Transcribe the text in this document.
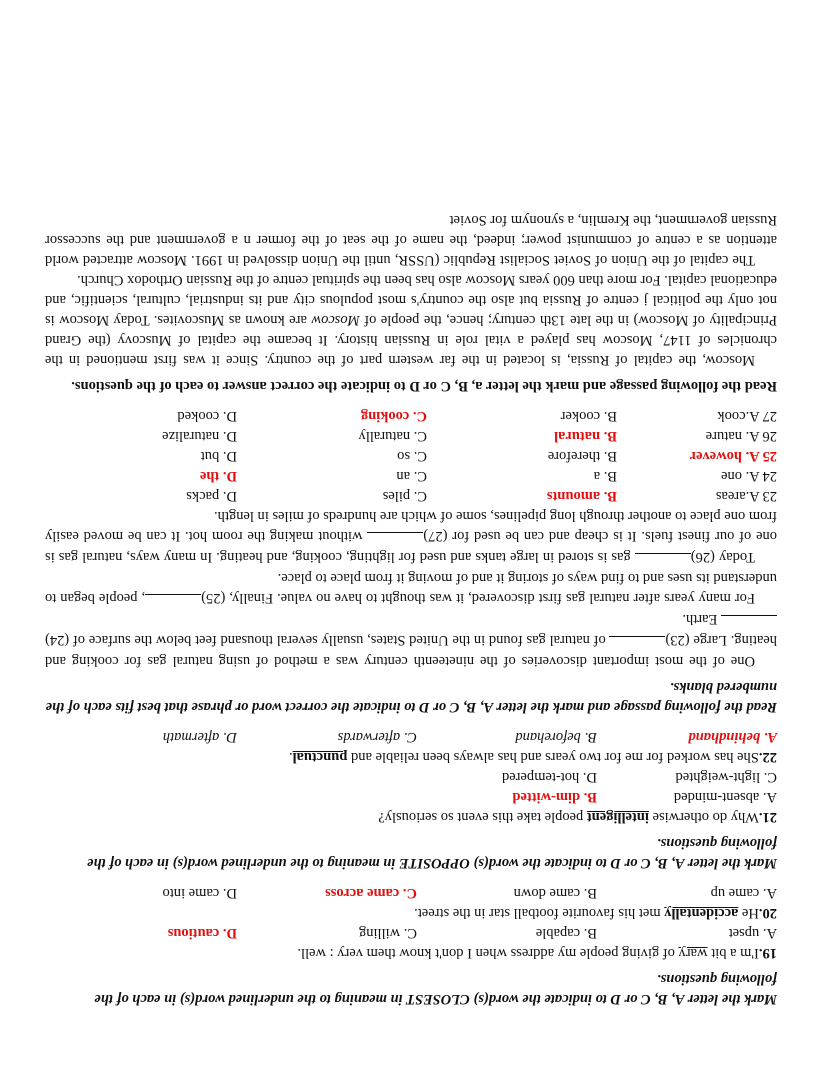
Mark the letter A, B, C or D to indicate the word(s) CLOSEST in meaning to the underlined word(s) in each of the following questions.

19.I'm a bit wary of giving people my address when I don't know them very : well.

A. upset
B. capable
C. willing
D. cautious

20.He accidentally met his favourite football star in the street.

A. came up
B. came down
C. came across
D. came into

Mark the letter A, B, C or D to indicate the word(s) OPPOSITE in meaning to the underlined word(s) in each of the following questions.

21.Why do otherwise intelligent people take this event so seriously?

A. absent-minded
B. dim-witted
C. light-weighted
D. hot-tempered

22.She has worked for me for two years and has always been reliable and punctual.

A. behindhand
B. beforehand
C. afterwards
D. aftermath

Read the following passage and mark the letter A, B, C or D to indicate the correct word or phrase that best fits each of the numbered blanks.

One of the most important discoveries of the nineteenth century was a method of using natural gas for cooking and heating. Large (23) of natural gas found in the United States, usually several thousand feet below the surface of (24) Earth.

For many years after natural gas first discovered, it was thought to have no value. Finally, (25), people began to understand its uses and to find ways of storing it and of moving it from place to place.

Today (26) gas is stored in large tanks and used for lighting, cooking, and heating. In many ways, natural gas is one of our finest fuels. It is cheap and can be used for (27) without making the room hot. It can be moved easily from one place to another through long pipelines, some of which are hundreds of miles in length.

23 A.areas
B. amounts
C. piles
D. packs
24 A. one
B. a
C. an
D. the
25 A. however
B. therefore
C. so
D. but
26 A. nature
B. natural
C. naturally
D. naturalize
27 A.cook
B. cooker
C. cooking
D. cooked

Read the following passage and mark the letter a, B, C or D to indicate the correct answer to each of the questions.

Moscow, the capital of Russia, is located in the far western part of the country. Since it was first mentioned in the chronicles of 1147, Moscow has played a vital role in Russian history. It became the capital of Muscovy (the Grand Principality of Moscow) in the late 13th century; hence, the people of Moscow are known as Muscovites. Today Moscow is not only the political j centre of Russia but also the country's most populous city and its industrial, cultural, scientific, and educational capital. For more than 600 years Moscow also has been the spiritual centre of the Russian Orthodox Church.

The capital of the Union of Soviet Socialist Republic (USSR, until the Union dissolved in 1991. Moscow attracted world attention as a centre of communist power; indeed, the name of the seat of the former n a government and the successor Russian government, the Kremlin, a synonym for Soviet
